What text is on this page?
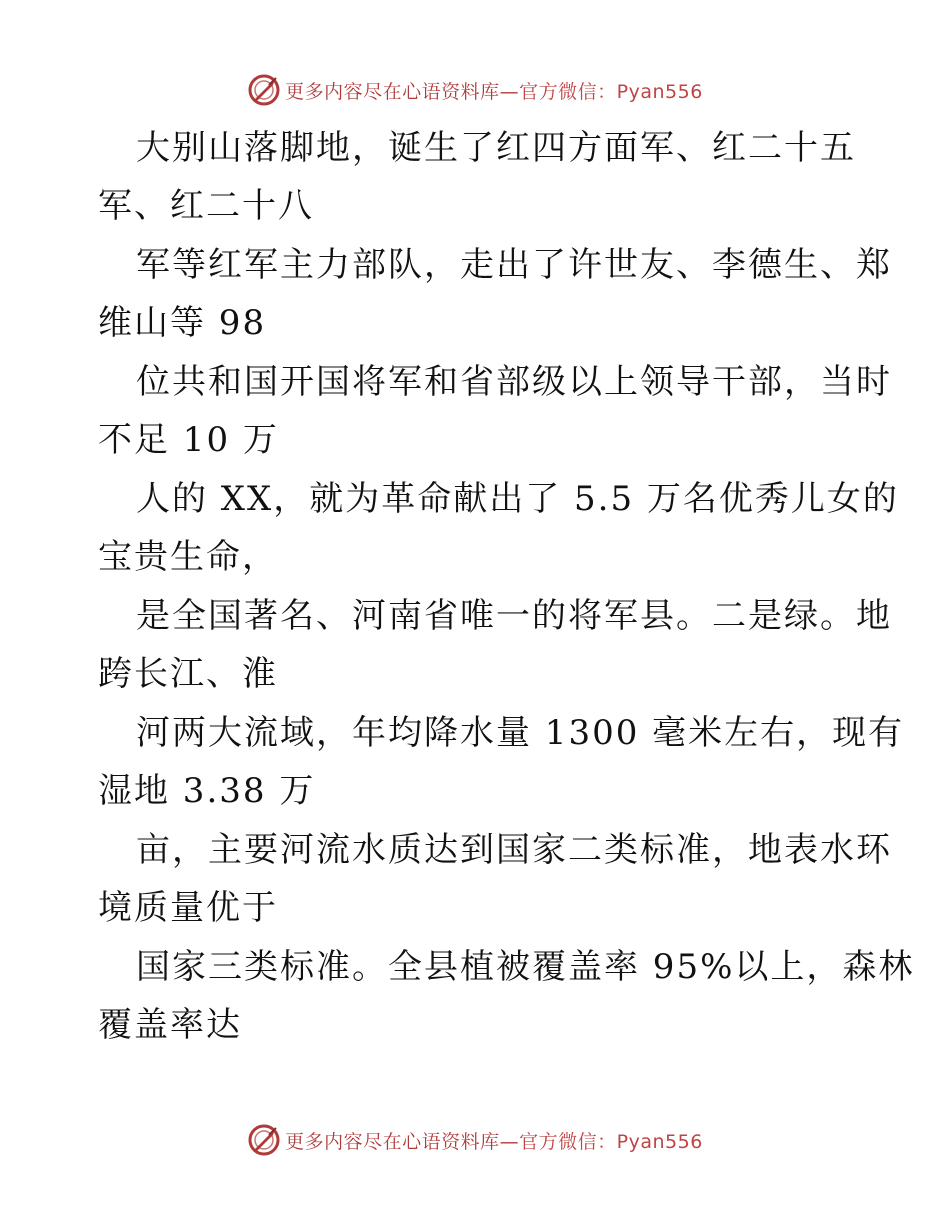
更多内容尽在心语资料库—官方微信：Pyan556
大别山落脚地，诞生了红四方面军、红二十五
军、红二十八
军等红军主力部队，走出了许世友、李德生、郑
维山等 98
位共和国开国将军和省部级以上领导干部，当时
不足 10 万
人的 XX，就为革命献出了 5.5 万名优秀儿女的
宝贵生命，
是全国著名、河南省唯一的将军县。二是绿。地
跨长江、淮
河两大流域，年均降水量 1300 毫米左右，现有
湿地 3.38 万
亩，主要河流水质达到国家二类标准，地表水环
境质量优于
国家三类标准。全县植被覆盖率 95%以上，森林
覆盖率达
更多内容尽在心语资料库—官方微信：Pyan556
